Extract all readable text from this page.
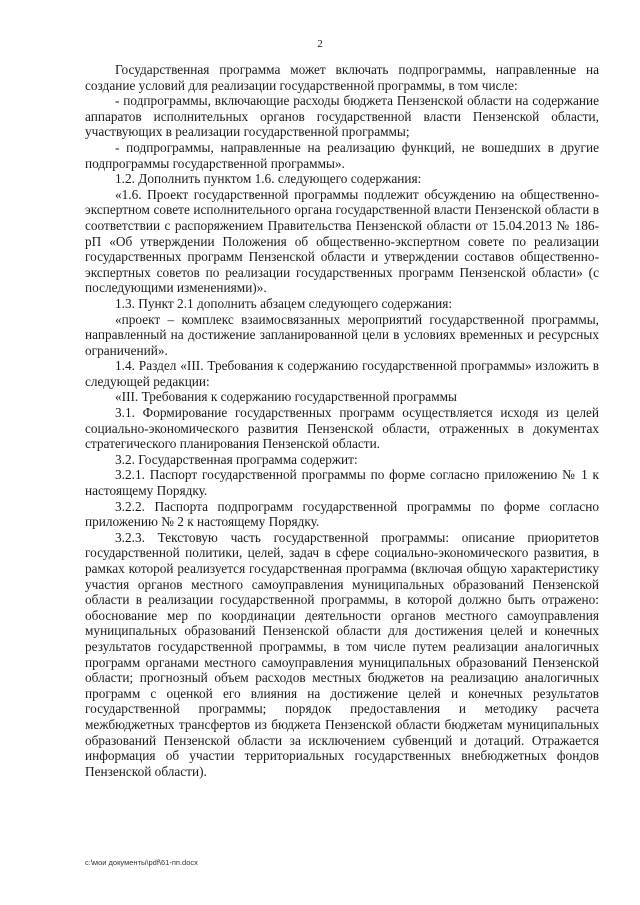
2

Государственная программа может включать подпрограммы, направленные на создание условий для реализации государственной программы, в том числе:

- подпрограммы, включающие расходы бюджета Пензенской области на содержание аппаратов исполнительных органов государственной власти Пензенской области, участвующих в реализации государственной программы;

- подпрограммы, направленные на реализацию функций, не вошедших в другие подпрограммы государственной программы».

1.2. Дополнить пунктом 1.6. следующего содержания:

«1.6. Проект государственной программы подлежит обсуждению на общественно-экспертном совете исполнительного органа государственной власти Пензенской области в соответствии с распоряжением Правительства Пензенской области от 15.04.2013 № 186-рП «Об утверждении Положения об общественно-экспертном совете по реализации государственных программ Пензенской области и утверждении составов общественно-экспертных советов по реализации государственных программ Пензенской области» (с последующими изменениями)».

1.3. Пункт 2.1 дополнить абзацем следующего содержания:

«проект – комплекс взаимосвязанных мероприятий государственной программы, направленный на достижение запланированной цели в условиях временных и ресурсных ограничений».

1.4. Раздел «III. Требования к содержанию государственной программы» изложить в следующей редакции:

«III. Требования к содержанию государственной программы

3.1. Формирование государственных программ осуществляется исходя из целей социально-экономического развития Пензенской области, отраженных в документах стратегического планирования Пензенской области.

3.2. Государственная программа содержит:

3.2.1. Паспорт государственной программы по форме согласно приложению № 1 к настоящему Порядку.

3.2.2. Паспорта подпрограмм государственной программы по форме согласно приложению № 2 к настоящему Порядку.

3.2.3. Текстовую часть государственной программы: описание приоритетов государственной политики, целей, задач в сфере социально-экономического развития, в рамках которой реализуется государственная программа (включая общую характеристику участия органов местного самоуправления муниципальных образований Пензенской области в реализации государственной программы, в которой должно быть отражено: обоснование мер по координации деятельности органов местного самоуправления муниципальных образований Пензенской области для достижения целей и конечных результатов государственной программы, в том числе путем реализации аналогичных программ органами местного самоуправления муниципальных образований Пензенской области; прогнозный объем расходов местных бюджетов на реализацию аналогичных программ с оценкой его влияния на достижение целей и конечных результатов государственной программы; порядок предоставления и методику расчета межбюджетных трансфертов из бюджета Пензенской области бюджетам муниципальных образований Пензенской области за исключением субвенций и дотаций. Отражается информация об участии территориальных государственных внебюджетных фондов Пензенской области).

c:\мои документы\pdf\61-пп.docx
